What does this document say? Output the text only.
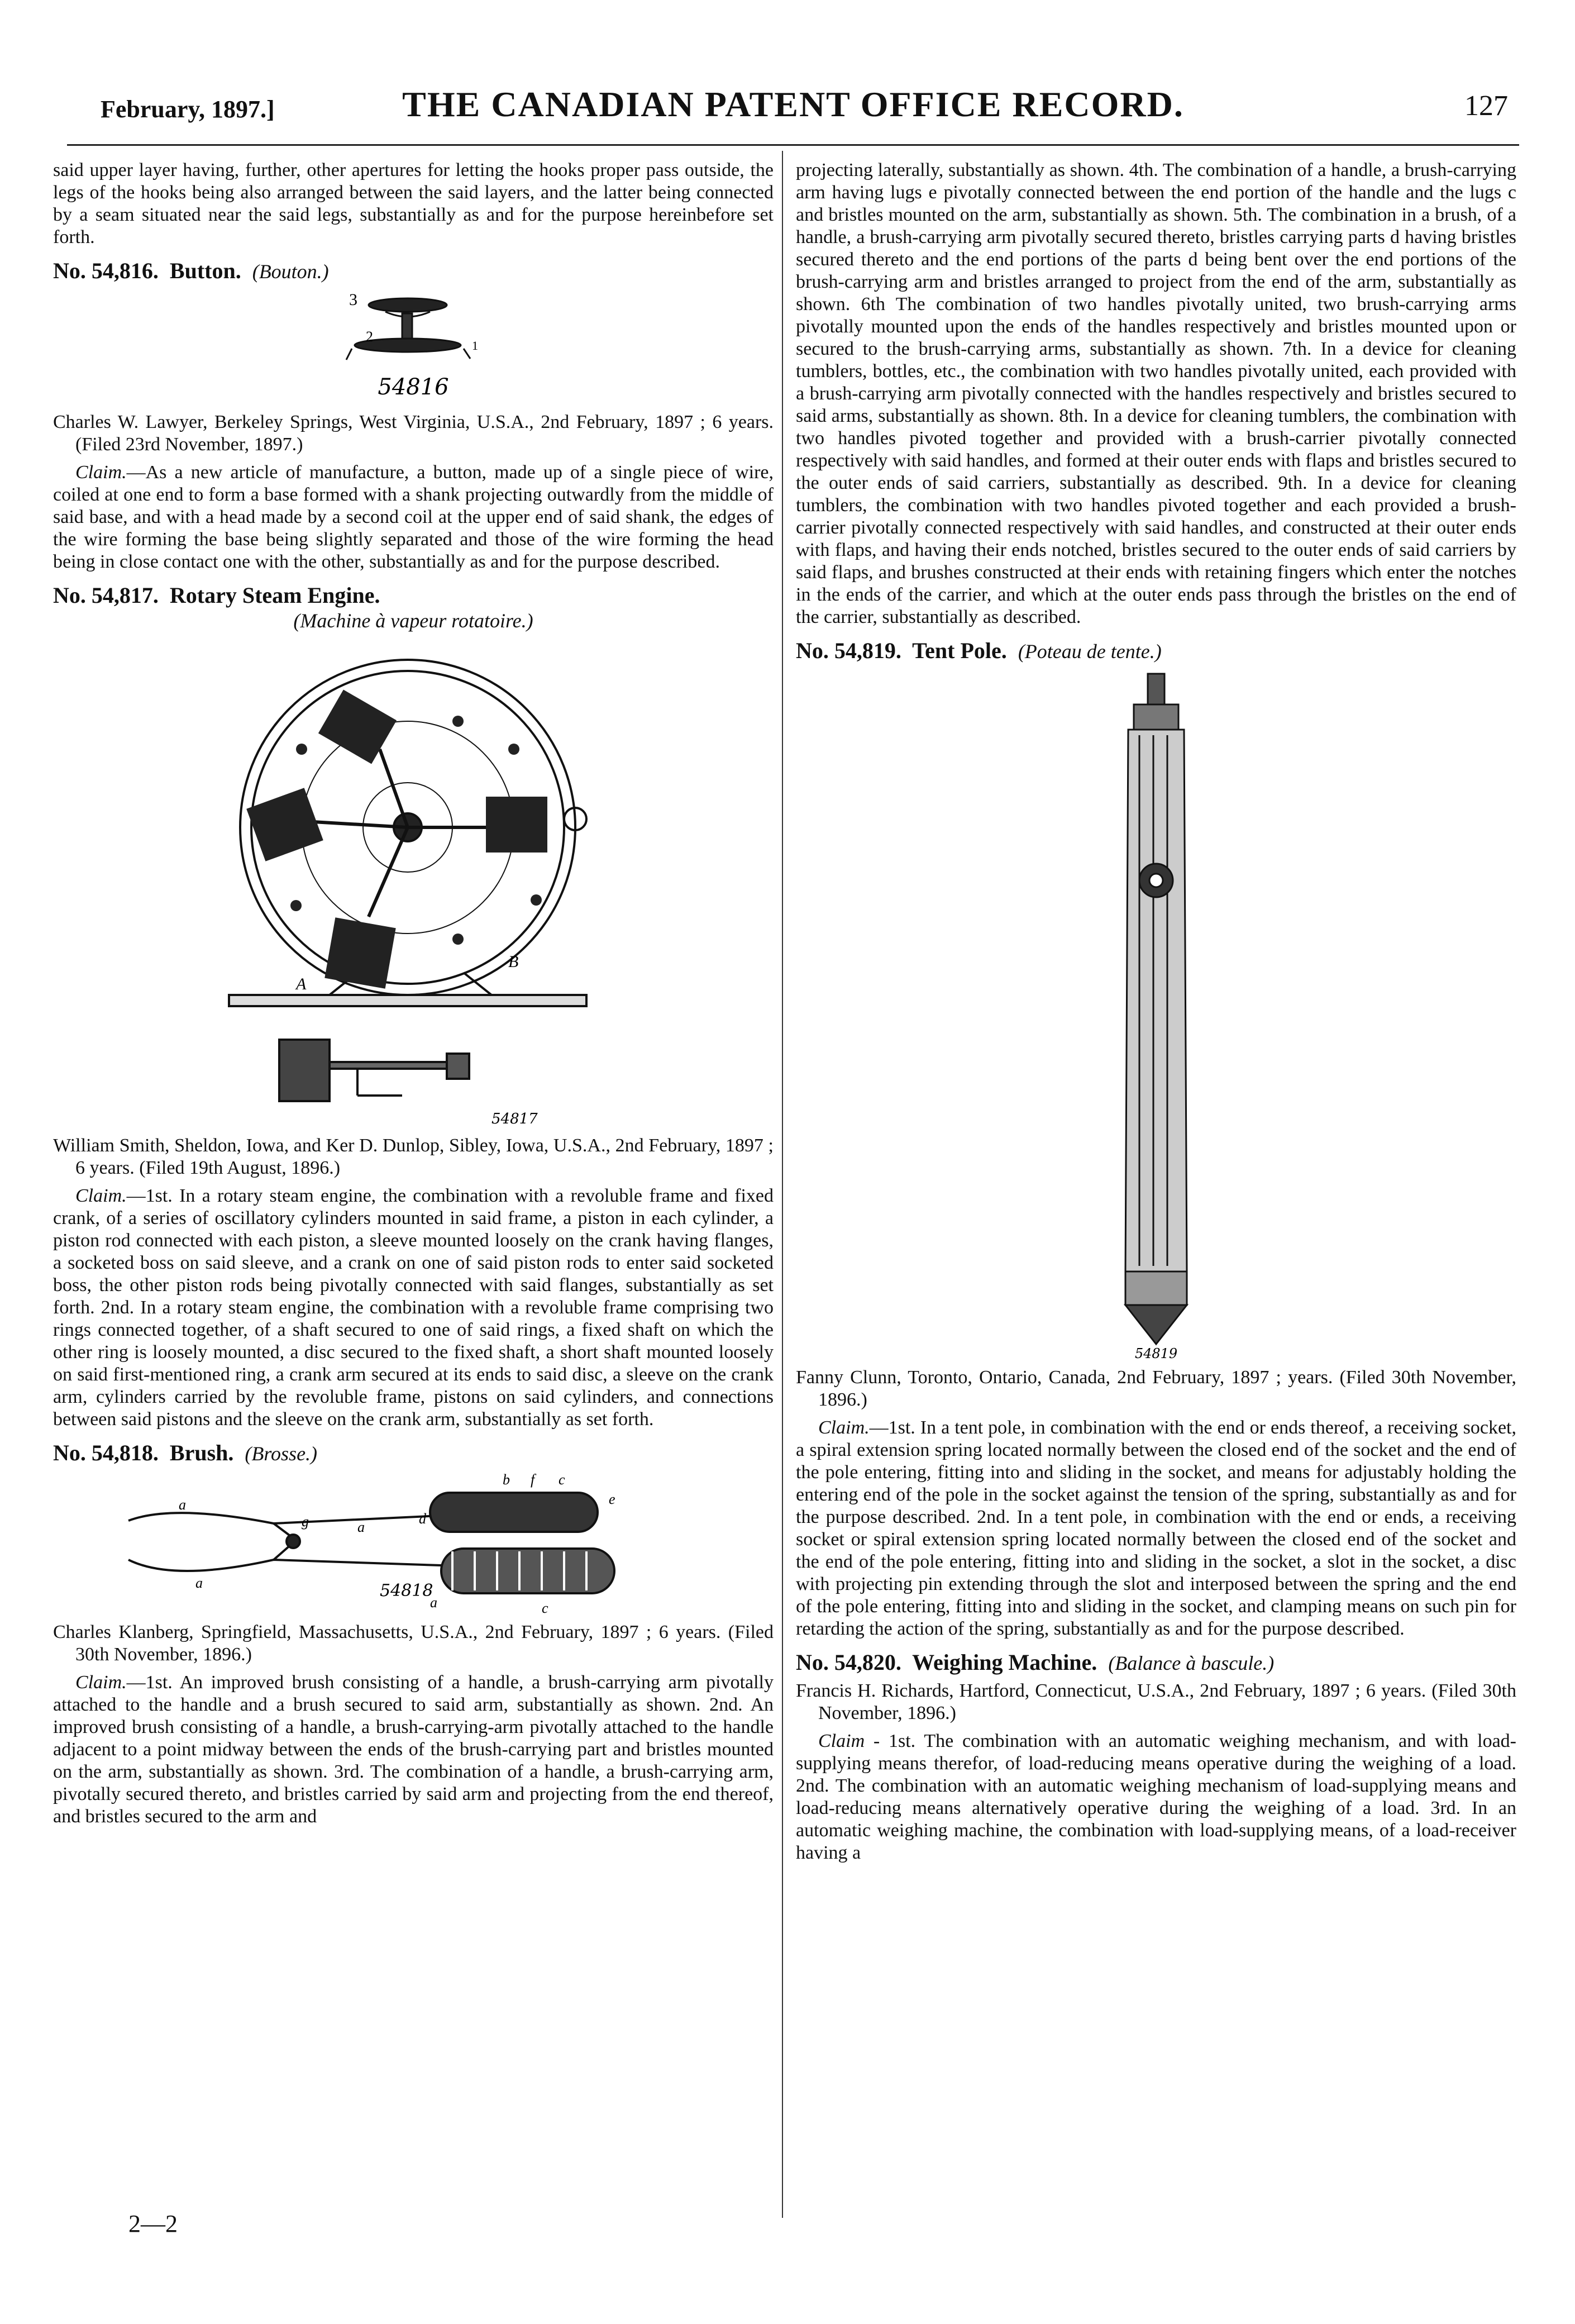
February, 1897.]	THE CANADIAN PATENT OFFICE RECORD.	127

said upper layer having, further, other apertures for letting the hooks proper pass outside, the legs of the hooks being also arranged between the said layers, and the latter being connected by a seam situated near the said legs, substantially as and for the purpose hereinbefore set forth.

No. 54,816. Button. (Bouton.)
3
2
1
54816

Charles W. Lawyer, Berkeley Springs, West Virginia, U.S.A., 2nd February, 1897 ; 6 years. (Filed 23rd November, 1897.)

Claim.—As a new article of manufacture, a button, made up of a single piece of wire, coiled at one end to form a base formed with a shank projecting outwardly from the middle of said base, and with a head made by a second coil at the upper end of said shank, the edges of the wire forming the base being slightly separated and those of the wire forming the head being in close contact one with the other, substantially as and for the purpose described.

No. 54,817. Rotary Steam Engine.
(Machine à vapeur rotatoire.)
B
A
54817

William Smith, Sheldon, Iowa, and Ker D. Dunlop, Sibley, Iowa, U.S.A., 2nd February, 1897 ; 6 years. (Filed 19th August, 1896.)

Claim.—1st. In a rotary steam engine, the combination with a revoluble frame and fixed crank, of a series of oscillatory cylinders mounted in said frame, a piston in each cylinder, a piston rod connected with each piston, a sleeve mounted loosely on the crank having flanges, a socketed boss on said sleeve, and a crank on one of said piston rods to enter said socketed boss, the other piston rods being pivotally connected with said flanges, substantially as set forth. 2nd. In a rotary steam engine, the combination with a revoluble frame comprising two rings connected together, of a shaft secured to one of said rings, a fixed shaft on which the other ring is loosely mounted, a disc secured to the fixed shaft, a short shaft mounted loosely on said first-mentioned ring, a crank arm secured at its ends to said disc, a sleeve on the crank arm, cylinders carried by the revoluble frame, pistons on said cylinders, and connections between said pistons and the sleeve on the crank arm, substantially as set forth.

No. 54,818. Brush. (Brosse.)
a
a
a
a
b f c
c
d
e
g
54818

Charles Klanberg, Springfield, Massachusetts, U.S.A., 2nd February, 1897 ; 6 years. (Filed 30th November, 1896.)

Claim.—1st. An improved brush consisting of a handle, a brush-carrying arm pivotally attached to the handle and a brush secured to said arm, substantially as shown. 2nd. An improved brush consisting of a handle, a brush-carrying-arm pivotally attached to the handle adjacent to a point midway between the ends of the brush-carrying part and bristles mounted on the arm, substantially as shown. 3rd. The combination of a handle, a brush-carrying arm, pivotally secured thereto, and bristles carried by said arm and projecting from the end thereof, and bristles secured to the arm and

2—2

projecting laterally, substantially as shown. 4th. The combination of a handle, a brush-carrying arm having lugs e pivotally connected between the end portion of the handle and the lugs c and bristles mounted on the arm, substantially as shown. 5th. The combination in a brush, of a handle, a brush-carrying arm pivotally secured thereto, bristles carrying parts d having bristles secured thereto and the end portions of the parts d being bent over the end portions of the brush-carrying arm and bristles arranged to project from the end of the arm, substantially as shown. 6th The combination of two handles pivotally united, two brush-carrying arms pivotally mounted upon the ends of the handles respectively and bristles mounted upon or secured to the brush-carrying arms, substantially as shown. 7th. In a device for cleaning tumblers, bottles, etc., the combination with two handles pivotally united, each provided with a brush-carrying arm pivotally connected with the handles respectively and bristles secured to said arms, substantially as shown. 8th. In a device for cleaning tumblers, the combination with two handles pivoted together and provided with a brush-carrier pivotally connected respectively with said handles, and formed at their outer ends with flaps and bristles secured to the outer ends of said carriers, substantially as described. 9th. In a device for cleaning tumblers, the combination with two handles pivoted together and each provided a brush-carrier pivotally connected respectively with said handles, and constructed at their outer ends with flaps, and having their ends notched, bristles secured to the outer ends of said carriers by said flaps, and brushes constructed at their ends with retaining fingers which enter the notches in the ends of the carrier, and which at the outer ends pass through the bristles on the end of the carrier, substantially as described.

No. 54,819. Tent Pole. (Poteau de tente.)
54819

Fanny Clunn, Toronto, Ontario, Canada, 2nd February, 1897 ; years. (Filed 30th November, 1896.)

Claim.—1st. In a tent pole, in combination with the end or ends thereof, a receiving socket, a spiral extension spring located normally between the closed end of the socket and the end of the pole entering, fitting into and sliding in the socket, and means for adjustably holding the entering end of the pole in the socket against the tension of the spring, substantially as and for the purpose described. 2nd. In a tent pole, in combination with the end or ends, a receiving socket or spiral extension spring located normally between the closed end of the socket and the end of the pole entering, fitting into and sliding in the socket, a slot in the socket, a disc with projecting pin extending through the slot and interposed between the spring and the end of the pole entering, fitting into and sliding in the socket, and clamping means on such pin for retarding the action of the spring, substantially as and for the purpose described.

No. 54,820. Weighing Machine. (Balance à bascule.)

Francis H. Richards, Hartford, Connecticut, U.S.A., 2nd February, 1897 ; 6 years. (Filed 30th November, 1896.)

Claim - 1st. The combination with an automatic weighing mechanism, and with load-supplying means therefor, of load-reducing means operative during the weighing of a load. 2nd. The combination with an automatic weighing mechanism of load-supplying means and load-reducing means alternatively operative during the weighing of a load. 3rd. In an automatic weighing machine, the combination with load-supplying means, of a load-receiver having a
